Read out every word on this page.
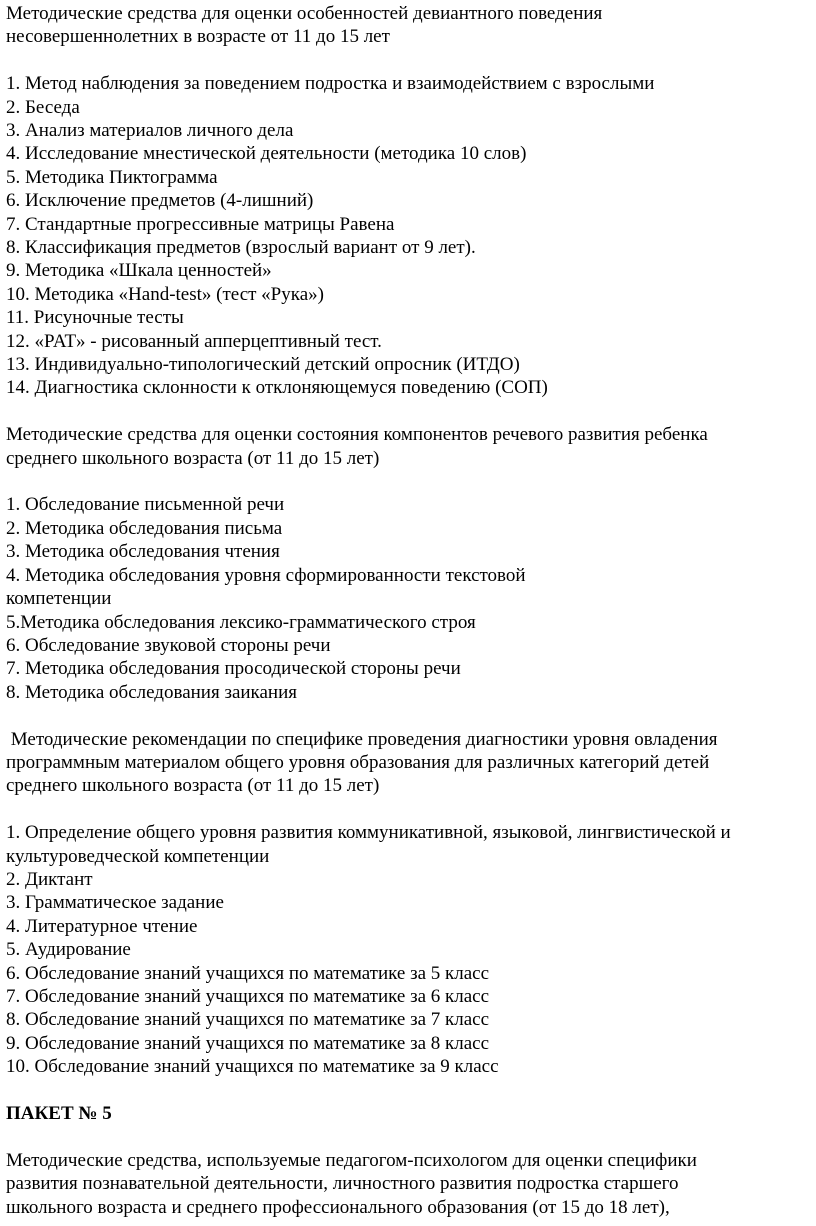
Методические средства для оценки особенностей девиантного поведения

несовершеннолетних в возрасте от 11 до 15 лет

1. Метод наблюдения за поведением подростка и взаимодействием с взрослыми

2. Беседа

3. Анализ материалов личного дела

4. Исследование мнестической деятельности (методика 10 слов)

5. Методика Пиктограмма

6. Исключение предметов (4-лишний)

7. Стандартные прогрессивные матрицы Равена

8. Классификация предметов (взрослый вариант от 9 лет).

9. Методика «Шкала ценностей»

10. Методика «Hand-test» (тест «Рука»)

11. Рисуночные тесты

12. «PAT» - рисованный апперцептивный тест.

13. Индивидуально-типологический детский опросник (ИТДО)

14. Диагностика склонности к отклоняющемуся поведению (СОП)

Методические средства для оценки состояния компонентов речевого развития ребенка

среднего школьного возраста (от 11 до 15 лет)

1. Обследование письменной речи

2. Методика обследования письма

3. Методика обследования чтения

4. Методика обследования уровня сформированности текстовой

компетенции

5.Методика обследования лексико-грамматического строя

6. Обследование звуковой стороны речи

7. Методика обследования просодической стороны речи

8. Методика обследования заикания

Методические рекомендации по специфике проведения диагностики уровня овладения

программным материалом общего уровня образования для различных категорий детей

среднего школьного возраста (от 11 до 15 лет)

1. Определение общего уровня развития коммуникативной, языковой, лингвистической и

культуроведческой компетенции

2. Диктант

3. Грамматическое задание

4. Литературное чтение

5. Аудирование

6. Обследование знаний учащихся по математике за 5 класс

7. Обследование знаний учащихся по математике за 6 класс

8. Обследование знаний учащихся по математике за 7 класс

9. Обследование знаний учащихся по математике за 8 класс

10. Обследование знаний учащихся по математике за 9 класс

ПАКЕТ № 5

Методические средства, используемые педагогом-психологом для оценки специфики

развития познавательной деятельности, личностного развития подростка старшего

школьного возраста и среднего профессионального образования (от 15 до 18 лет),
